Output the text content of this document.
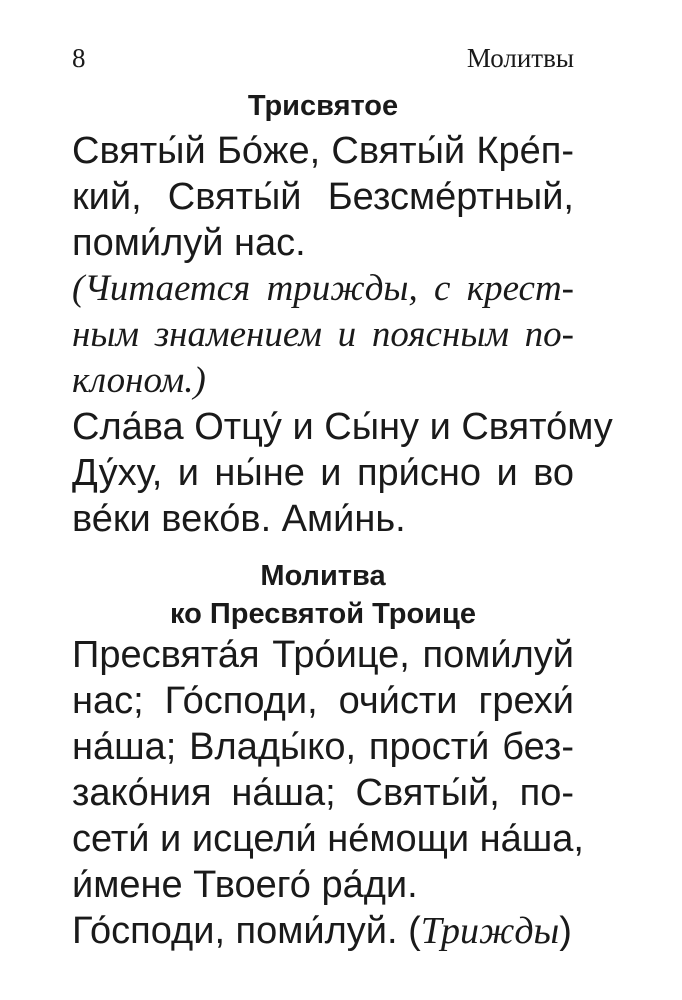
8	Молитвы
Трисвятое
Святы́й Бо́же, Святы́й Кре́п-
кий, Святы́й Безсме́ртный,
поми́луй нас.
(Читается трижды, с крест-
ным знамением и поясным по-
клоном.)
Сла́ва Отцу́ и Сы́ну и Свято́му
Ду́ху, и ны́не и при́сно и во
ве́ки веко́в. Ами́нь.
Молитва
ко Пресвятой Троице
Пресвята́я Тро́ице, поми́луй
нас; Го́споди, очи́сти грехи́
на́ша; Влады́ко, прости́ без-
зако́ния на́ша; Святы́й, по-
сети́ и исцели́ не́мощи на́ша,
и́мене Твоего́ ра́ди.
Го́споди, поми́луй. (Трижды)
